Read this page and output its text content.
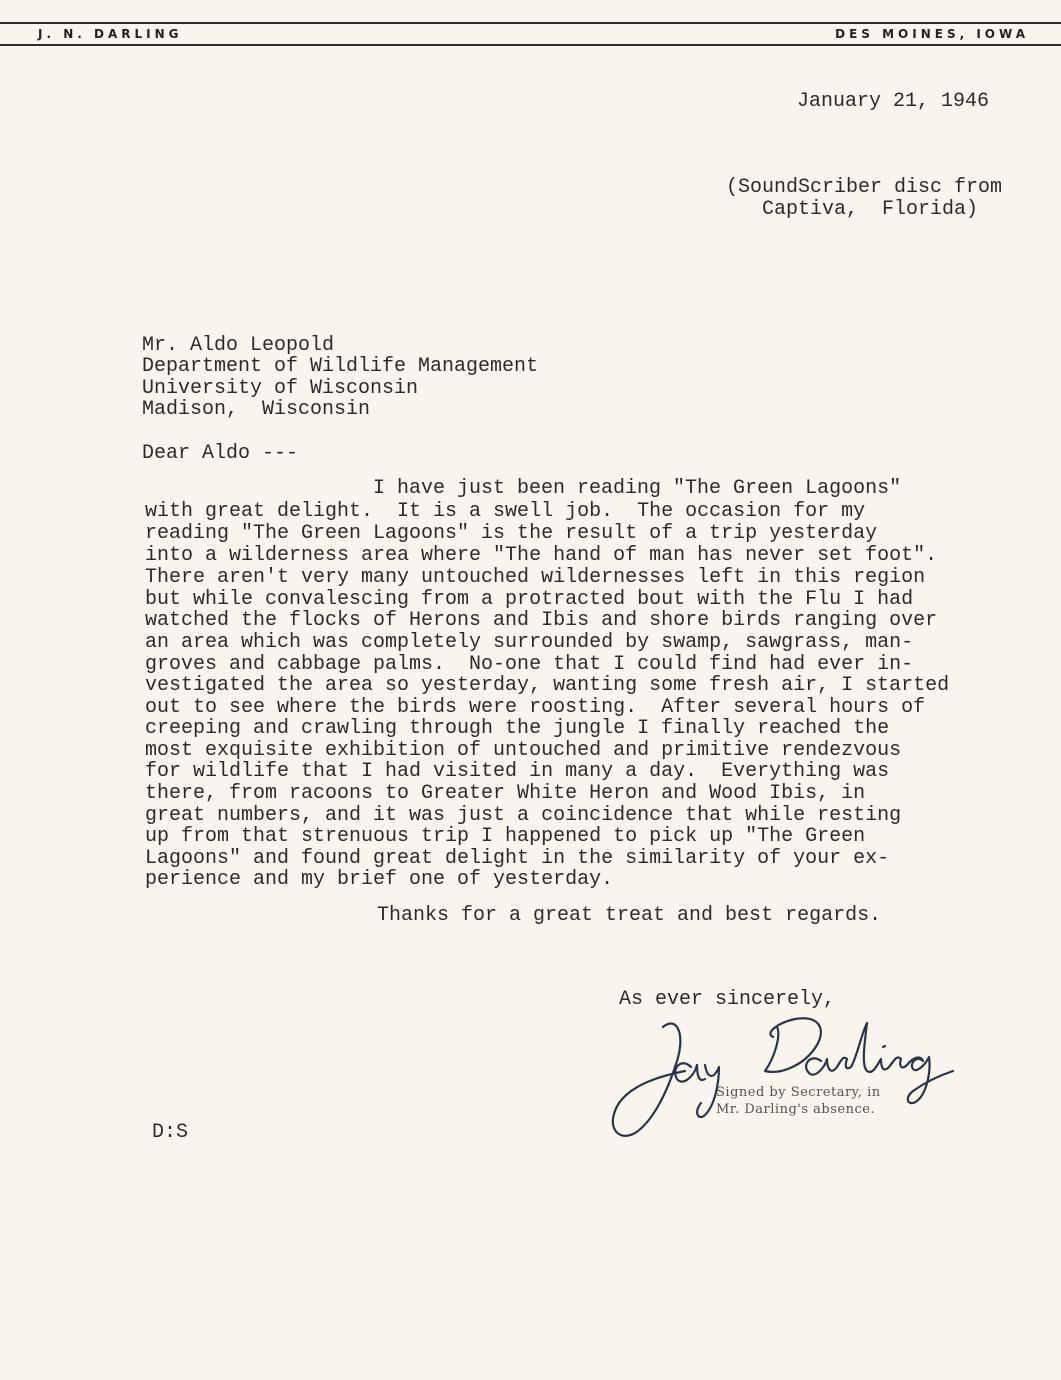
J. N. DARLING	DES MOINES, IOWA
January 21, 1946
(SoundScriber disc from
Captiva,  Florida)
Mr. Aldo Leopold
Department of Wildlife Management
University of Wisconsin
Madison,  Wisconsin
Dear Aldo ---
I have just been reading "The Green Lagoons"
with great delight.  It is a swell job.  The occasion for my
reading "The Green Lagoons" is the result of a trip yesterday
into a wilderness area where "The hand of man has never set foot".
There aren't very many untouched wildernesses left in this region
but while convalescing from a protracted bout with the Flu I had
watched the flocks of Herons and Ibis and shore birds ranging over
an area which was completely surrounded by swamp, sawgrass, man-
groves and cabbage palms.  No-one that I could find had ever in-
vestigated the area so yesterday, wanting some fresh air, I started
out to see where the birds were roosting.  After several hours of
creeping and crawling through the jungle I finally reached the
most exquisite exhibition of untouched and primitive rendezvous
for wildlife that I had visited in many a day.  Everything was
there, from racoons to Greater White Heron and Wood Ibis, in
great numbers, and it was just a coincidence that while resting
up from that strenuous trip I happened to pick up "The Green
Lagoons" and found great delight in the similarity of your ex-
perience and my brief one of yesterday.
Thanks for a great treat and best regards.
As ever sincerely,
Signed by Secretary, in
Mr. Darling's absence.
D:S
